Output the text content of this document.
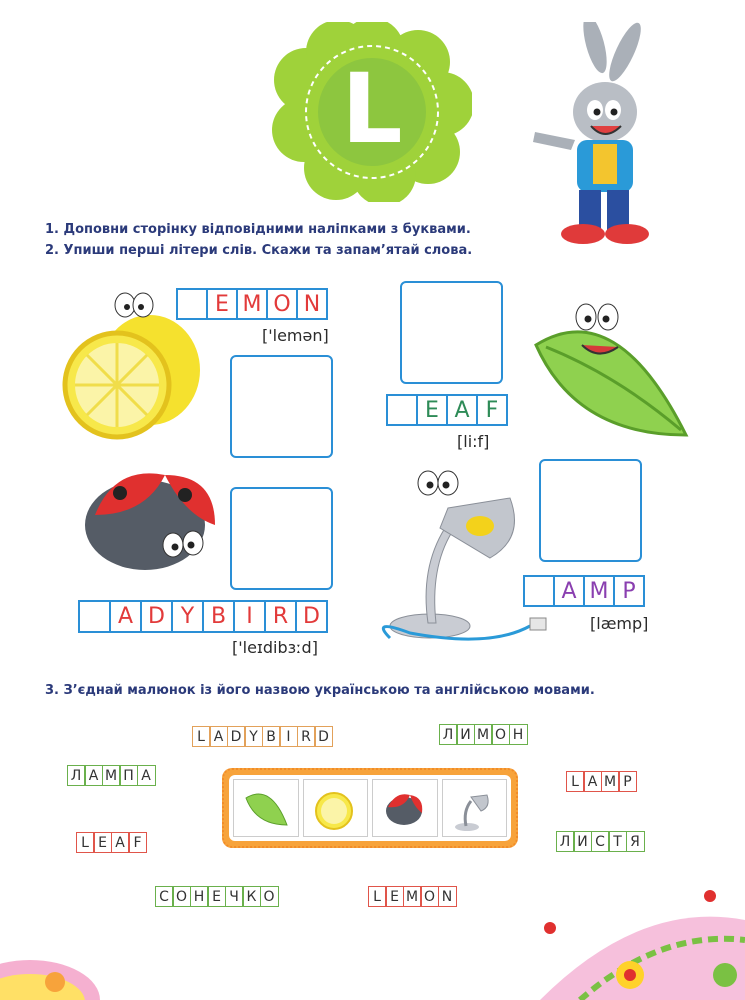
L
1. Доповни сторінку відповідними наліпками з буквами.
2. Упиши перші літери слів. Скажи та запам’ятай слова.
E M O N
['lemən]
E A F
[li:f]
A D Y B I R D
['leɪdibɜːd]
A M P
[læmp]
3. З’єднай малюнок із його назвою українською та англійською мовами.
L A D Y B I R D	Л И М О Н
Л А М П А	L A M P
L E A F	Л И С Т Я
С О Н Е Ч К О	L E M O N
